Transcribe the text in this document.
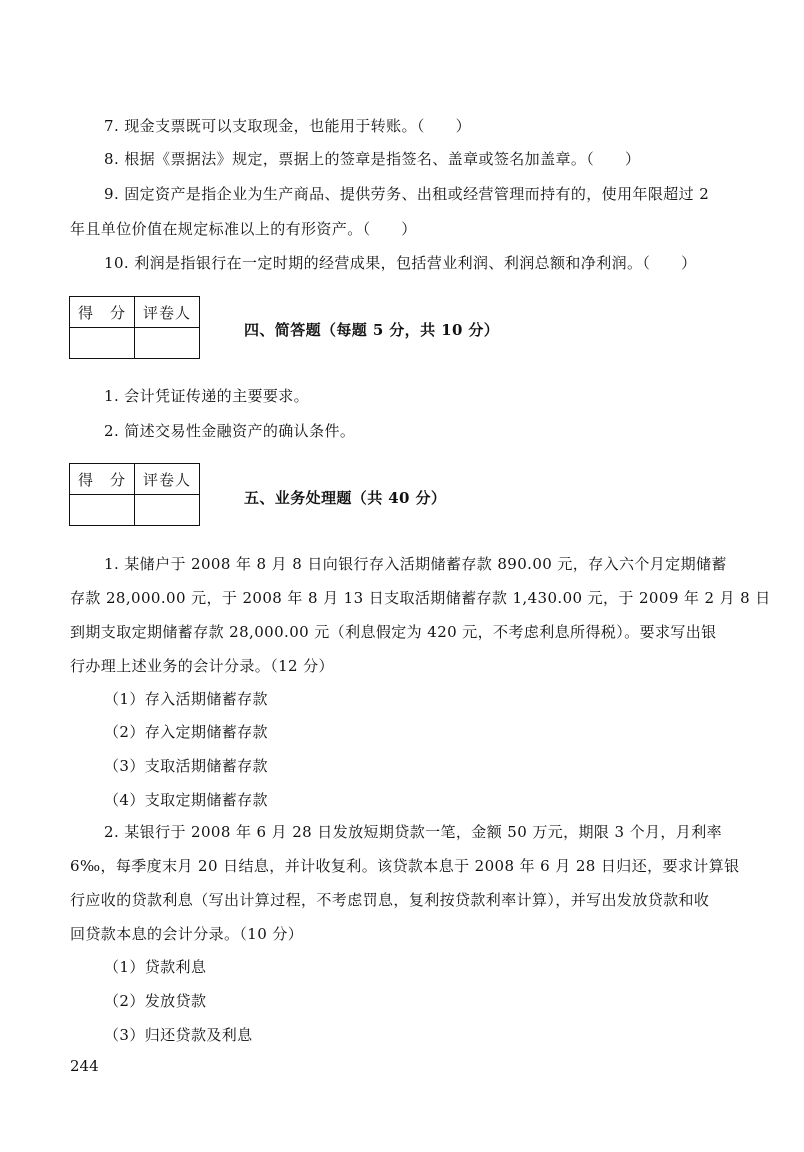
7. 现金支票既可以支取现金，也能用于转账。（　　）
8. 根据《票据法》规定，票据上的签章是指签名、盖章或签名加盖章。（　　）
9. 固定资产是指企业为生产商品、提供劳务、出租或经营管理而持有的，使用年限超过 2
年且单位价值在规定标准以上的有形资产。（　　）
10. 利润是指银行在一定时期的经营成果，包括营业利润、利润总额和净利润。（　　）
得　分	评卷人

四、简答题（每题 5 分，共 10 分）
1. 会计凭证传递的主要要求。
2. 简述交易性金融资产的确认条件。
得　分	评卷人

五、业务处理题（共 40 分）
1. 某储户于 2008 年 8 月 8 日向银行存入活期储蓄存款 890.00 元，存入六个月定期储蓄
存款 28,000.00 元，于 2008 年 8 月 13 日支取活期储蓄存款 1,430.00 元，于 2009 年 2 月 8 日
到期支取定期储蓄存款 28,000.00 元（利息假定为 420 元，不考虑利息所得税）。要求写出银
行办理上述业务的会计分录。（12 分）
（1）存入活期储蓄存款
（2）存入定期储蓄存款
（3）支取活期储蓄存款
（4）支取定期储蓄存款
2. 某银行于 2008 年 6 月 28 日发放短期贷款一笔，金额 50 万元，期限 3 个月，月利率
6‰，每季度末月 20 日结息，并计收复利。该贷款本息于 2008 年 6 月 28 日归还，要求计算银
行应收的贷款利息（写出计算过程，不考虑罚息，复利按贷款利率计算），并写出发放贷款和收
回贷款本息的会计分录。（10 分）
（1）贷款利息
（2）发放贷款
（3）归还贷款及利息
244
